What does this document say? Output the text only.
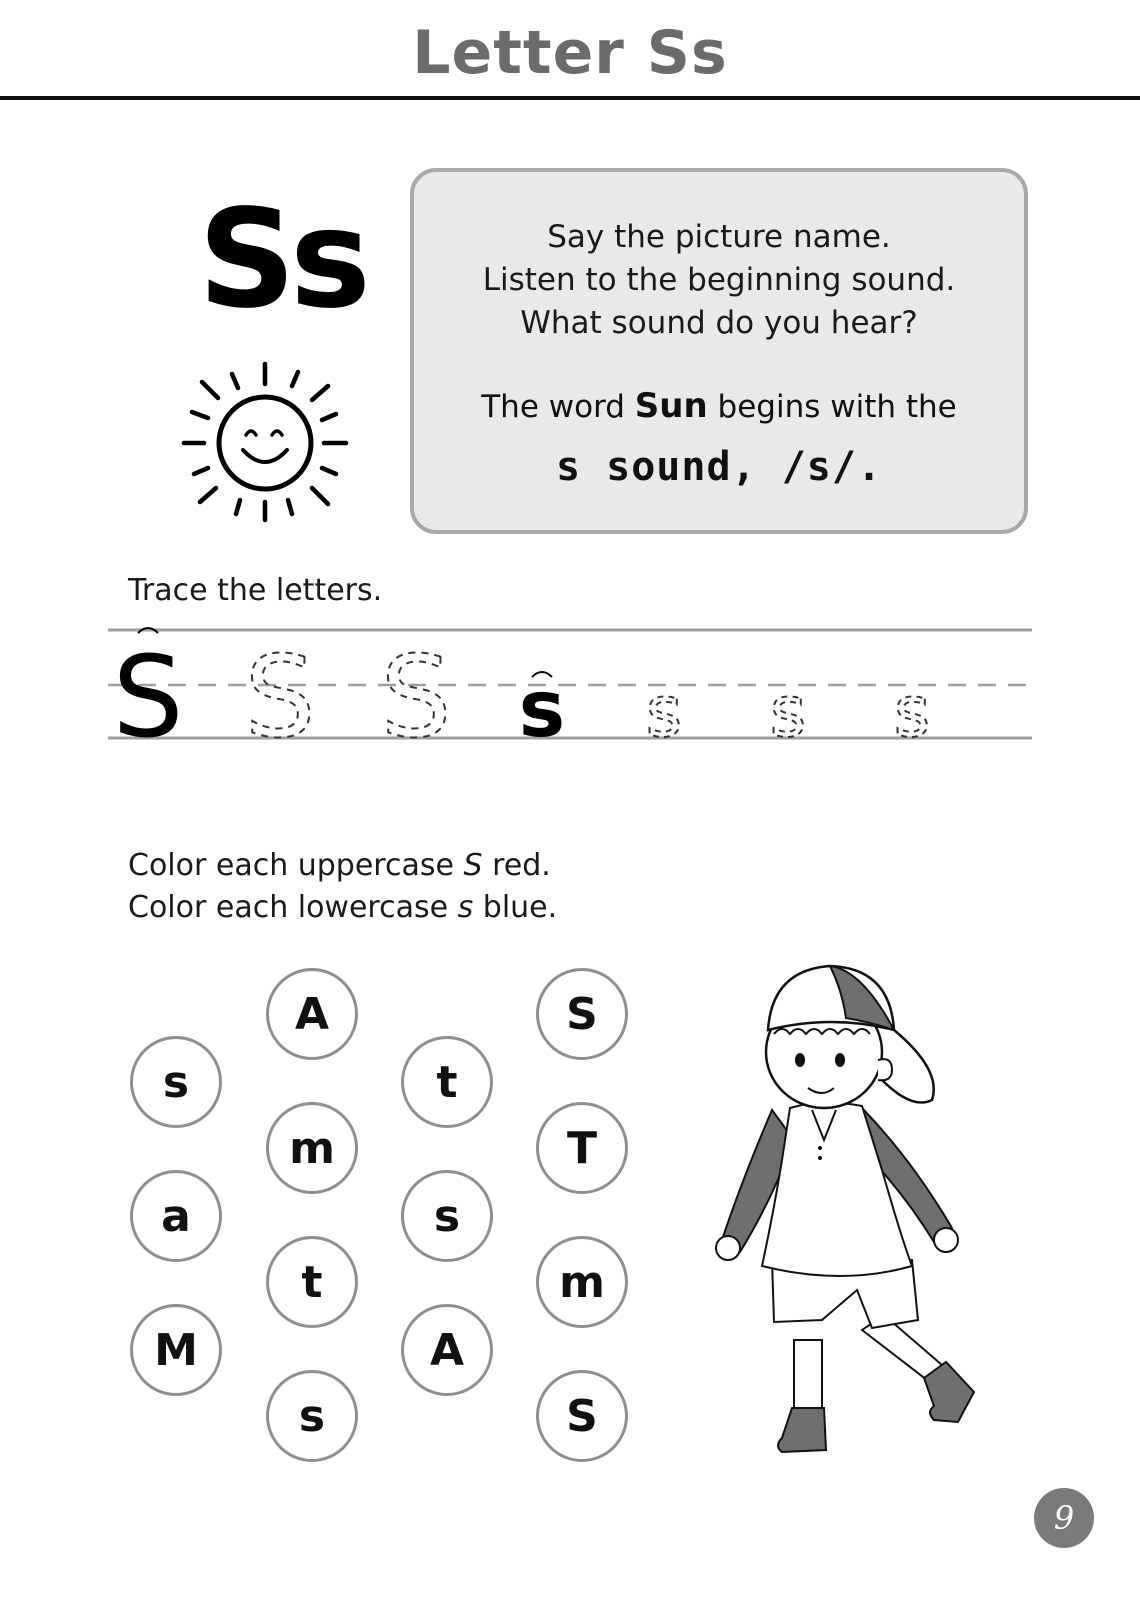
Letter Ss
Ss	Say the picture name.
Listen to the beginning sound.
What sound do you hear?
The word Sun begins with the
s sound, /s/.
Trace the letters.
S S S s s s s
Color each uppercase S red.
Color each lowercase s blue.
s
a
M
A
m
t
s
t
s
A
S
T
m
S
9
